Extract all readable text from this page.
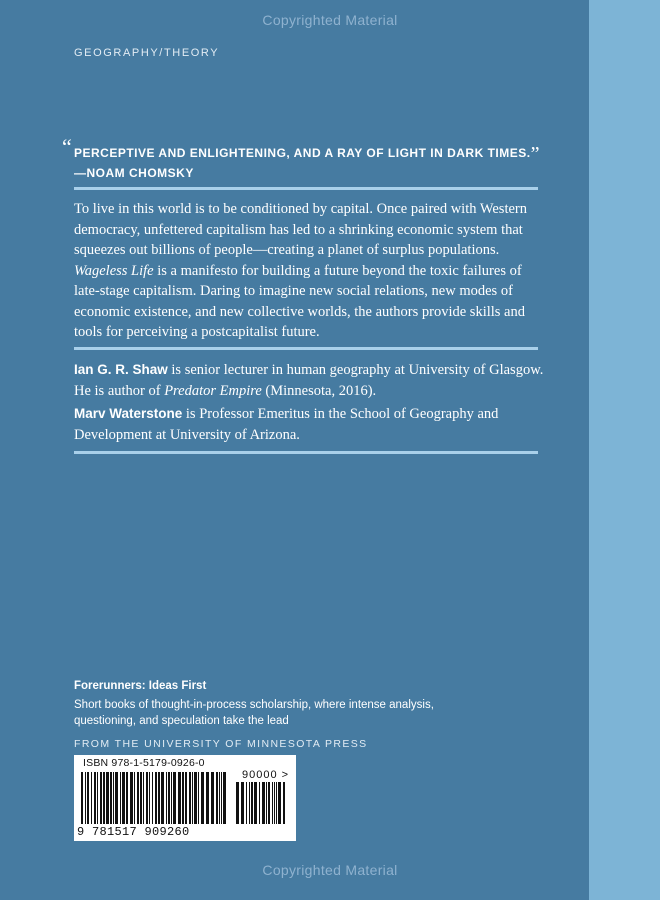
Copyrighted Material
GEOGRAPHY/THEORY
“ PERCEPTIVE AND ENLIGHTENING, AND A RAY OF LIGHT IN DARK TIMES.” —NOAM CHOMSKY
To live in this world is to be conditioned by capital. Once paired with Western democracy, unfettered capitalism has led to a shrinking economic system that squeezes out billions of people—creating a planet of surplus populations. Wageless Life is a manifesto for building a future beyond the toxic failures of late-stage capitalism. Daring to imagine new social relations, new modes of economic existence, and new collective worlds, the authors provide skills and tools for perceiving a postcapitalist future.
Ian G. R. Shaw is senior lecturer in human geography at University of Glasgow. He is author of Predator Empire (Minnesota, 2016).
Marv Waterstone is Professor Emeritus in the School of Geography and Development at University of Arizona.
Forerunners: Ideas First
Short books of thought-in-process scholarship, where intense analysis, questioning, and speculation take the lead
FROM THE UNIVERSITY OF MINNESOTA PRESS
ISBN 978-1-5179-0926-0
90000 >
9 781517 909260
Copyrighted Material
